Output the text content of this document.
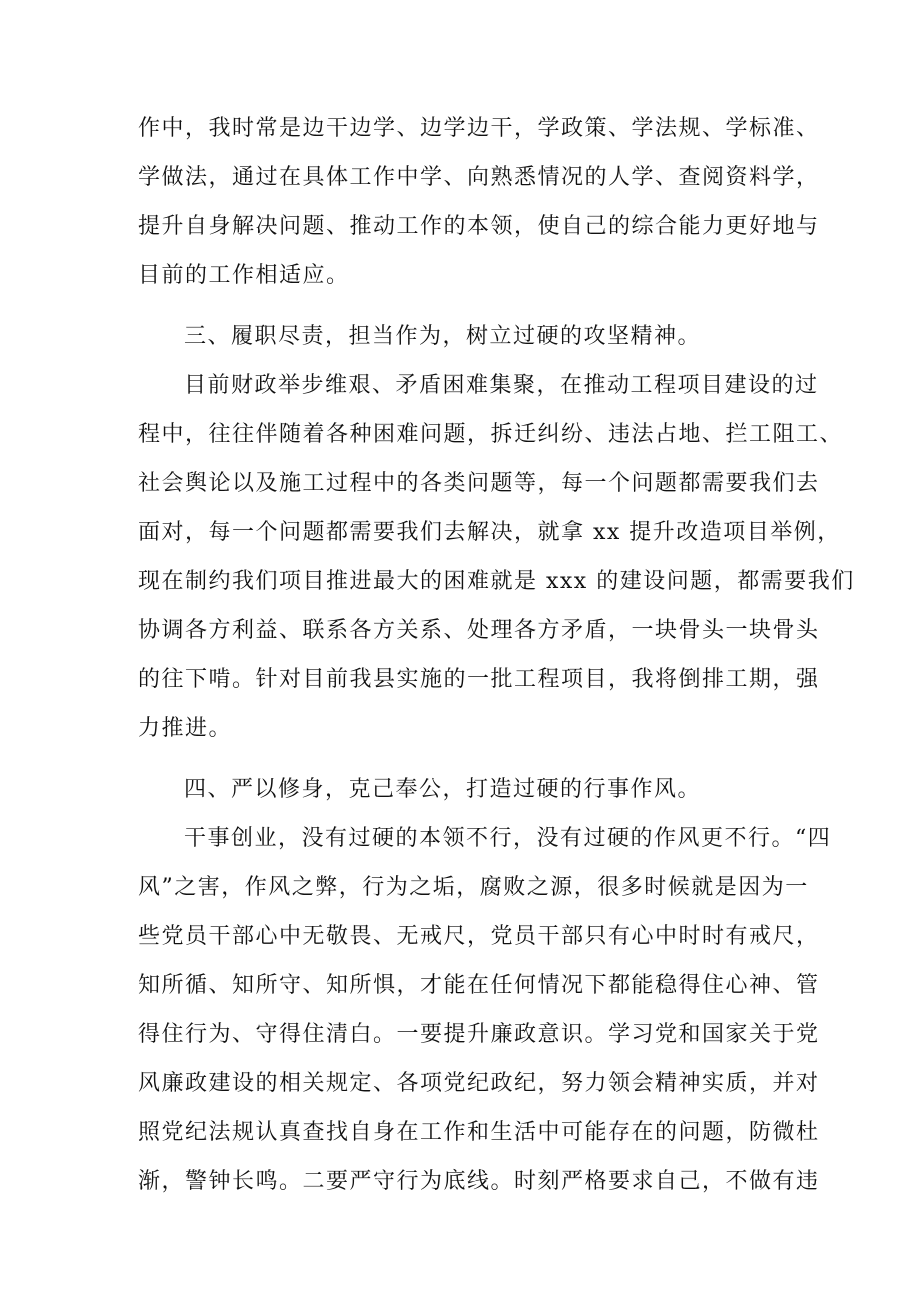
作中，我时常是边干边学、边学边干，学政策、学法规、学标准、
学做法，通过在具体工作中学、向熟悉情况的人学、查阅资料学，
提升自身解决问题、推动工作的本领，使自己的综合能力更好地与
目前的工作相适应。
三、履职尽责，担当作为，树立过硬的攻坚精神。
目前财政举步维艰、矛盾困难集聚，在推动工程项目建设的过
程中，往往伴随着各种困难问题，拆迁纠纷、违法占地、拦工阻工、
社会舆论以及施工过程中的各类问题等，每一个问题都需要我们去
面对，每一个问题都需要我们去解决，就拿 xx 提升改造项目举例，
现在制约我们项目推进最大的困难就是 xxx 的建设问题，都需要我们
协调各方利益、联系各方关系、处理各方矛盾，一块骨头一块骨头
的往下啃。针对目前我县实施的一批工程项目，我将倒排工期，强
力推进。
四、严以修身，克己奉公，打造过硬的行事作风。
干事创业，没有过硬的本领不行，没有过硬的作风更不行。“四
风”之害，作风之弊，行为之垢，腐败之源，很多时候就是因为一
些党员干部心中无敬畏、无戒尺，党员干部只有心中时时有戒尺，
知所循、知所守、知所惧，才能在任何情况下都能稳得住心神、管
得住行为、守得住清白。一要提升廉政意识。学习党和国家关于党
风廉政建设的相关规定、各项党纪政纪，努力领会精神实质，并对
照党纪法规认真查找自身在工作和生活中可能存在的问题，防微杜
渐，警钟长鸣。二要严守行为底线。时刻严格要求自己，不做有违
